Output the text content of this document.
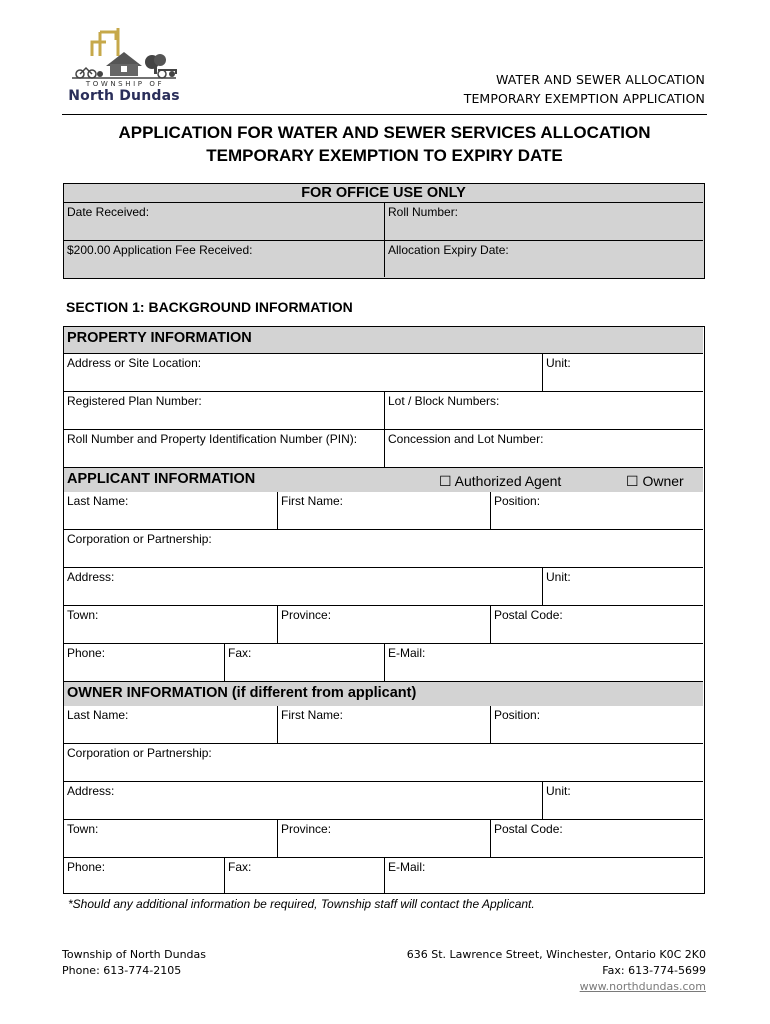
TOWNSHIP OF
North Dundas
WATER AND SEWER ALLOCATION
TEMPORARY EXEMPTION APPLICATION
APPLICATION FOR WATER AND SEWER SERVICES ALLOCATION
TEMPORARY EXEMPTION TO EXPIRY DATE
FOR OFFICE USE ONLY
Date Received:	Roll Number:
$200.00 Application Fee Received:	Allocation Expiry Date:
SECTION 1: BACKGROUND INFORMATION
PROPERTY INFORMATION
Address or Site Location:	Unit:
Registered Plan Number:	Lot / Block Numbers:
Roll Number and Property Identification Number (PIN):	Concession and Lot Number:
APPLICANT INFORMATION	☐ Authorized Agent	☐ Owner
Last Name:	First Name:	Position:
Corporation or Partnership:
Address:	Unit:
Town:	Province:	Postal Code:
Phone:	Fax:	E-Mail:
OWNER INFORMATION (if different from applicant)
Last Name:	First Name:	Position:
Corporation or Partnership:
Address:	Unit:
Town:	Province:	Postal Code:
Phone:	Fax:	E-Mail:
*Should any additional information be required, Township staff will contact the Applicant.
Township of North Dundas
Phone: 613-774-2105
636 St. Lawrence Street, Winchester, Ontario K0C 2K0
Fax: 613-774-5699
www.northdundas.com
